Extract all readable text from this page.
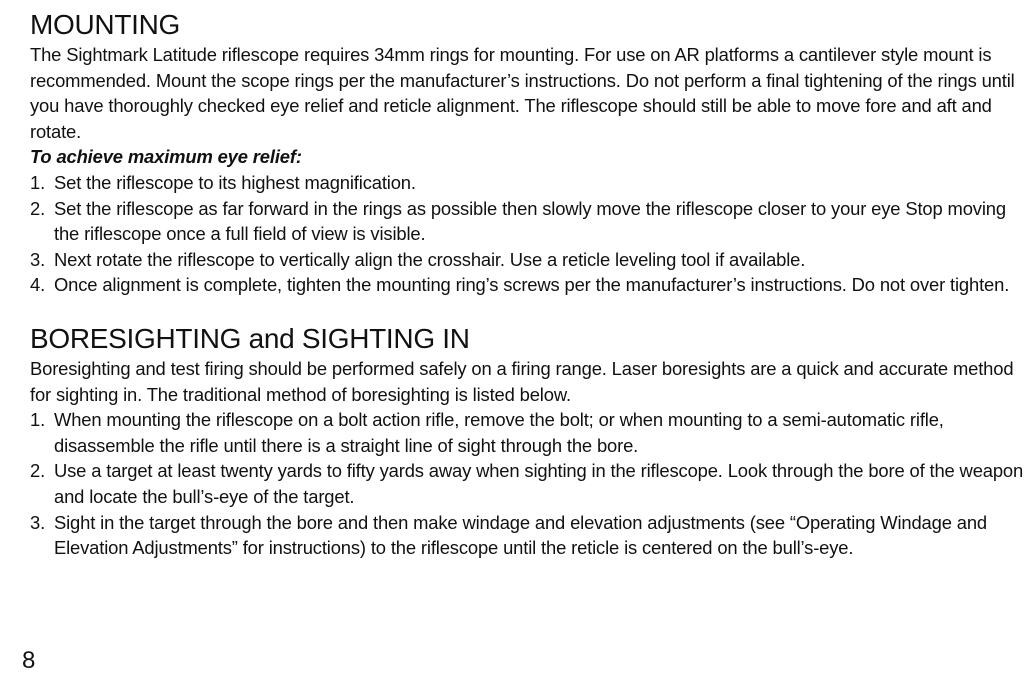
MOUNTING

The Sightmark Latitude riflescope requires 34mm rings for mounting. For use on AR platforms a cantilever style mount is recommended. Mount the scope rings per the manufacturer’s instructions. Do not perform a final tightening of the rings until you have thoroughly checked eye relief and reticle alignment. The riflescope should still be able to move fore and aft and rotate.

To achieve maximum eye relief:
1. Set the riflescope to its highest magnification.
2. Set the riflescope as far forward in the rings as possible then slowly move the riflescope closer to your eye Stop moving the riflescope once a full field of view is visible.
3. Next rotate the riflescope to vertically align the crosshair. Use a reticle leveling tool if available.
4. Once alignment is complete, tighten the mounting ring’s screws per the manufacturer’s instructions. Do not over tighten.
BORESIGHTING and SIGHTING IN

Boresighting and test firing should be performed safely on a firing range. Laser boresights are a quick and accurate method for sighting in. The traditional method of boresighting is listed below.

1. When mounting the riflescope on a bolt action rifle, remove the bolt; or when mounting to a semi-automatic rifle, disassemble the rifle until there is a straight line of sight through the bore.
2. Use a target at least twenty yards to fifty yards away when sighting in the riflescope. Look through the bore of the weapon and locate the bull’s-eye of the target.
3. Sight in the target through the bore and then make windage and elevation adjustments (see “Operating Windage and Elevation Adjustments” for instructions) to the riflescope until the reticle is centered on the bull’s-eye.
8
